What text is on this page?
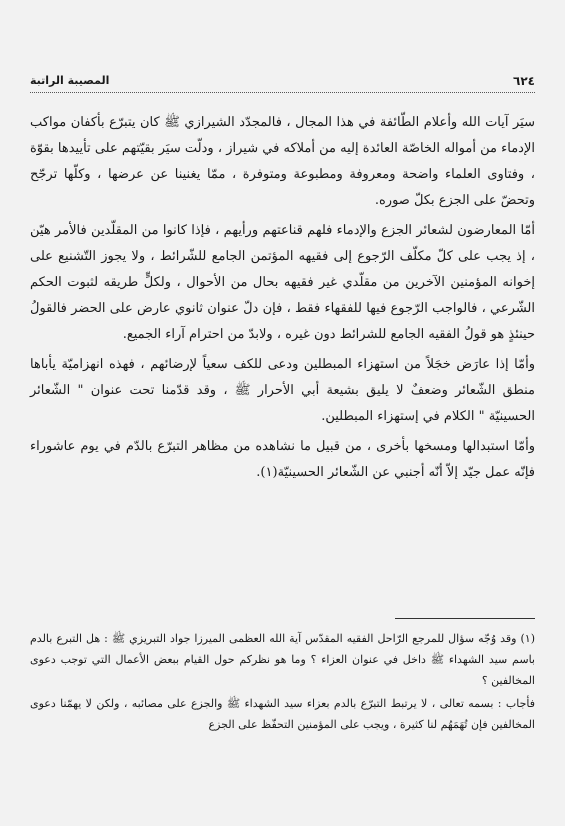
٦٢٤
المصيبة الراتبة

سيَر آيات الله وأعلام الطّائفة في هذا المجال ، فالمجدّد الشيرازي ﷺ كان يتبرّع بأكفان مواكب الإدماء من أمواله الخاصّة العائدة إليه من أملاكه في شيراز ، ودلّت سيَر بقيّتهم على تأييدها بقوّة ، وفتاوى العلماء واضحة ومعروفة ومطبوعة ومتوفرة ، ممّا يغنينا عن عرضها ، وكلّها ترجّح وتحضّ على الجزع بكلّ صوره.

أمّا المعارضون لشعائر الجزع والإدماء فلهم قناعتهم ورأيهم ، فإذا كانوا من المقلّدين فالأمر هيّن ، إذ يجب على كلّ مكلّف الرّجوع إلى فقيهه المؤتمن الجامع للشّرائط ، ولا يجوز التّشنيع على إخوانه المؤمنين الآخرين من مقلّدي غير فقيهه بحال من الأحوال ، ولكلٍّ طريقه لثبوت الحكم الشّرعي ، فالواجب الرّجوع فيها للفقهاء فقط ، فإن دلّ عنوان ثانوي عارض على الحضر فالقولُ حينئذٍ هو قولُ الفقيه الجامع للشرائط دون غيره ، ولابدّ من احترام آراء الجميع.

وأمّا إذا عارَض خجَلاً من استهزاء المبطلين ودعى للكف سعياً لإرضائهم ، فهذه انهزاميّة يأباها منطق الشّعائر وضعفٌ لا يليق بشيعة أبي الأحرار ﷺ ، وقد قدّمنا تحت عنوان " الشّعائر الحسينيّة " الكلام في إستهزاء المبطلين.

وأمّا استبدالها ومسخها بأخرى ، من قبيل ما نشاهده من مظاهر التبرّع بالدّم في يوم عاشوراء فإنّه عمل جيّد إلاّ أنّه أجنبي عن الشّعائر الحسينيّة(١).

(١) وقد وُجّه سؤال للمرجع الرّاحل الفقيه المقدّس آية الله العظمى الميرزا جواد التبريزي ﷺ : هل التبرع بالدم باسم سيد الشهداء ﷺ داخل في عنوان العزاء ؟ وما هو نظركم حول القيام ببعض الأعمال التي توجب دعوى المخالفين ؟

فأجاب : بسمه تعالى ، لا يرتبط التبرّع بالدم بعزاء سيد الشهداء ﷺ والجزع على مصائبه ، ولكن لا يهمّنا دعوى المخالفين فإن تُهَمَهُم لنا كثيرة ، ويجب على المؤمنين التحفّظ على الجزع
